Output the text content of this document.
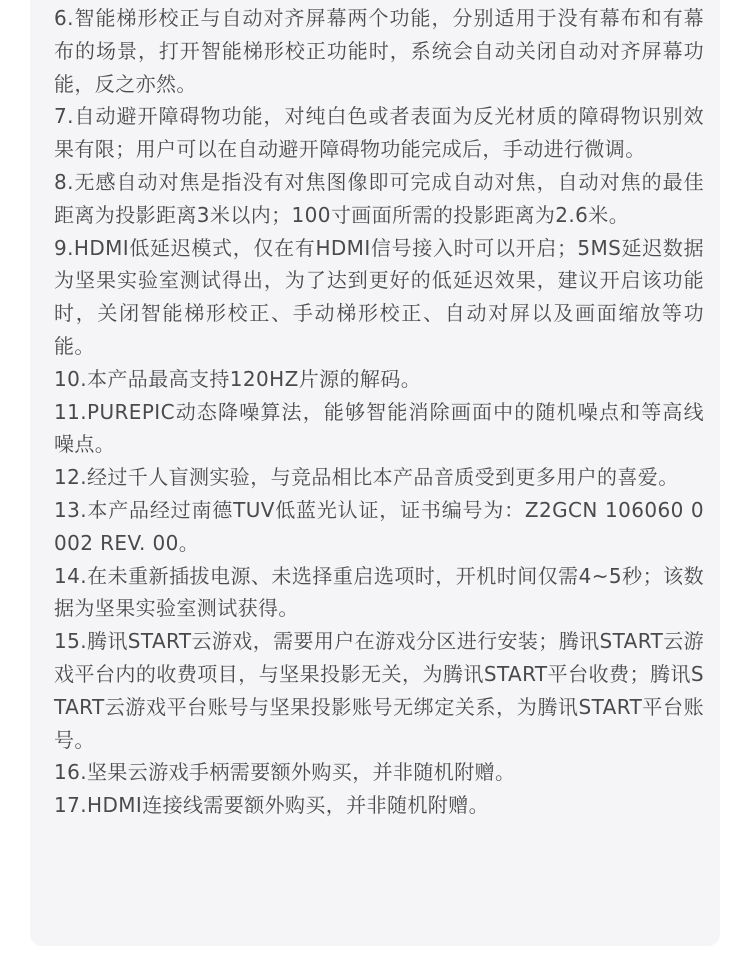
6.智能梯形校正与自动对齐屏幕两个功能，分别适用于没有幕布和有幕布的场景，打开智能梯形校正功能时，系统会自动关闭自动对齐屏幕功能，反之亦然。
7.自动避开障碍物功能，对纯白色或者表面为反光材质的障碍物识别效果有限；用户可以在自动避开障碍物功能完成后，手动进行微调。
8.无感自动对焦是指没有对焦图像即可完成自动对焦，自动对焦的最佳距离为投影距离3米以内；100寸画面所需的投影距离为2.6米。
9.HDMI低延迟模式，仅在有HDMI信号接入时可以开启；5MS延迟数据为坚果实验室测试得出，为了达到更好的低延迟效果，建议开启该功能时，关闭智能梯形校正、手动梯形校正、自动对屏以及画面缩放等功能。
10.本产品最高支持120HZ片源的解码。
11.PUREPIC动态降噪算法，能够智能消除画面中的随机噪点和等高线噪点。
12.经过千人盲测实验，与竞品相比本产品音质受到更多用户的喜爱。
13.本产品经过南德TUV低蓝光认证，证书编号为：Z2GCN 106060 0002 REV. 00。
14.在未重新插拔电源、未选择重启选项时，开机时间仅需4~5秒；该数据为坚果实验室测试获得。
15.腾讯START云游戏，需要用户在游戏分区进行安装；腾讯START云游戏平台内的收费项目，与坚果投影无关，为腾讯START平台收费；腾讯START云游戏平台账号与坚果投影账号无绑定关系，为腾讯START平台账号。
16.坚果云游戏手柄需要额外购买，并非随机附赠。
17.HDMI连接线需要额外购买，并非随机附赠。
